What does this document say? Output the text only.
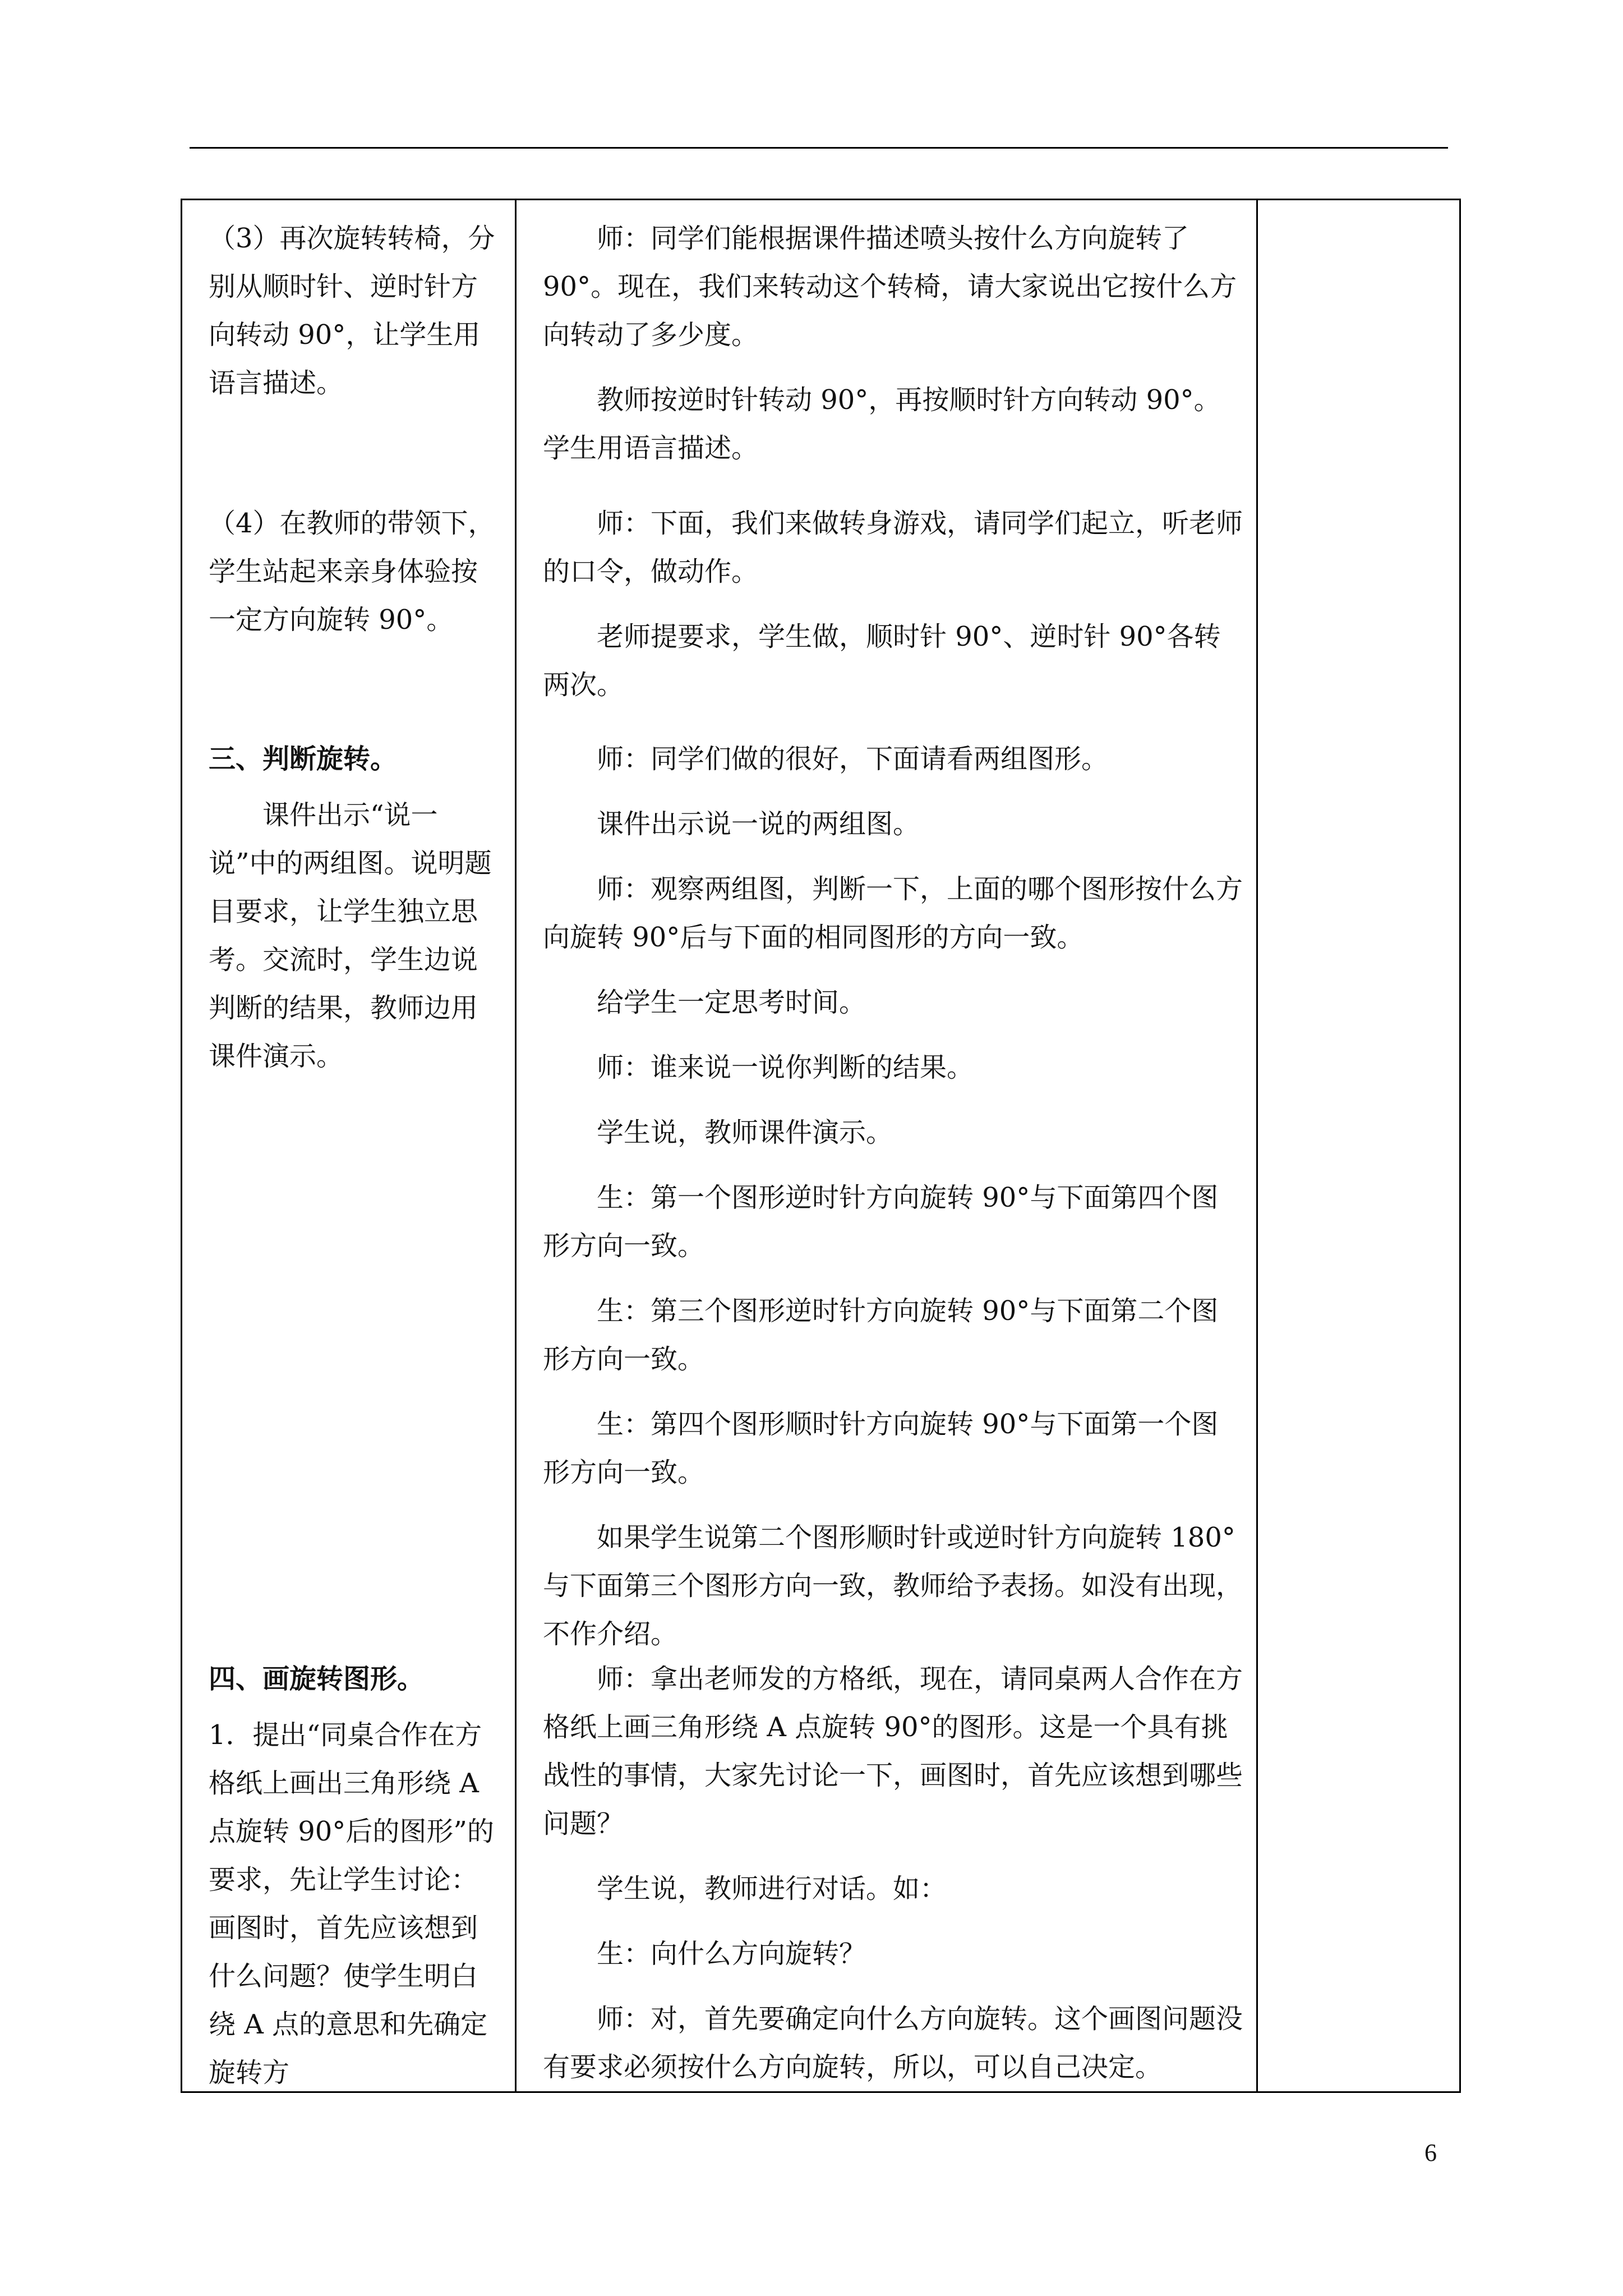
（3）再次旋转转椅，分别从顺时针、逆时针方向转动 90°，让学生用语言描述。

（4）在教师的带领下，学生站起来亲身体验按一定方向旋转 90°。

三、判断旋转。

课件出示“说一说”中的两组图。说明题目要求，让学生独立思考。交流时，学生边说判断的结果，教师边用课件演示。

四、画旋转图形。

1．提出“同桌合作在方格纸上画出三角形绕 A 点旋转 90°后的图形”的要求，先让学生讨论：画图时，首先应该想到什么问题？使学生明白绕 A 点的意思和先确定旋转方

师：同学们能根据课件描述喷头按什么方向旋转了 90°。现在，我们来转动这个转椅，请大家说出它按什么方向转动了多少度。

教师按逆时针转动 90°，再按顺时针方向转动 90°。学生用语言描述。

师：下面，我们来做转身游戏，请同学们起立，听老师的口令，做动作。

老师提要求，学生做，顺时针 90°、逆时针 90°各转两次。

师：同学们做的很好，下面请看两组图形。

课件出示说一说的两组图。

师：观察两组图，判断一下，上面的哪个图形按什么方向旋转 90°后与下面的相同图形的方向一致。

给学生一定思考时间。

师：谁来说一说你判断的结果。

学生说，教师课件演示。

生：第一个图形逆时针方向旋转 90°与下面第四个图形方向一致。

生：第三个图形逆时针方向旋转 90°与下面第二个图形方向一致。

生：第四个图形顺时针方向旋转 90°与下面第一个图形方向一致。

如果学生说第二个图形顺时针或逆时针方向旋转 180°与下面第三个图形方向一致，教师给予表扬。如没有出现，不作介绍。

师：拿出老师发的方格纸，现在，请同桌两人合作在方格纸上画三角形绕 A 点旋转 90°的图形。这是一个具有挑战性的事情，大家先讨论一下，画图时，首先应该想到哪些问题？

学生说，教师进行对话。如：

生：向什么方向旋转？

师：对，首先要确定向什么方向旋转。这个画图问题没有要求必须按什么方向旋转，所以，可以自己决定。

6
